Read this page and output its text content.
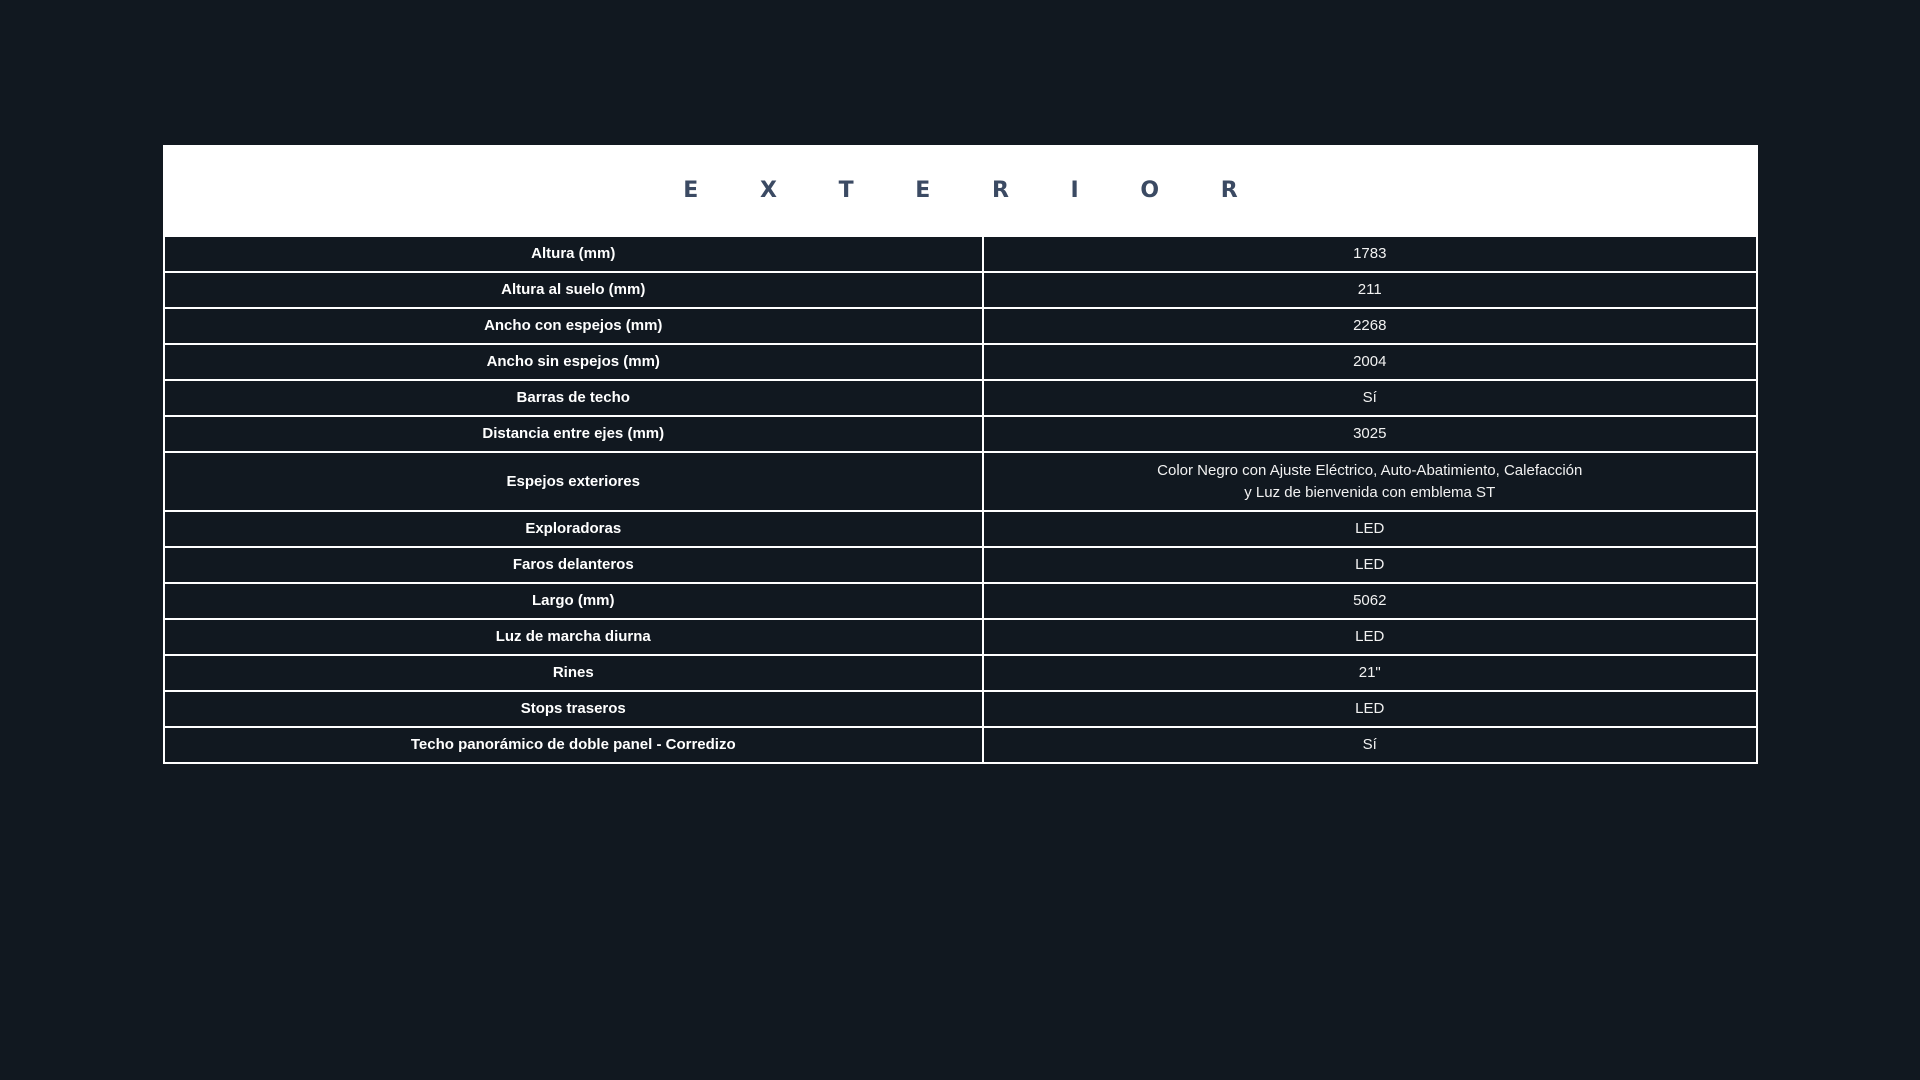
E X T E R I O R
Altura (mm)	1783

Altura al suelo (mm)	211

Ancho con espejos (mm)	2268

Ancho sin espejos (mm)	2004

Barras de techo	Sí

Distancia entre ejes (mm)	3025

Espejos exteriores	Color Negro con Ajuste Eléctrico, Auto-Abatimiento, Calefacción
y Luz de bienvenida con emblema ST

Exploradoras	LED

Faros delanteros	LED

Largo (mm)	5062

Luz de marcha diurna	LED

Rines	21"

Stops traseros	LED

Techo panorámico de doble panel - Corredizo	Sí
